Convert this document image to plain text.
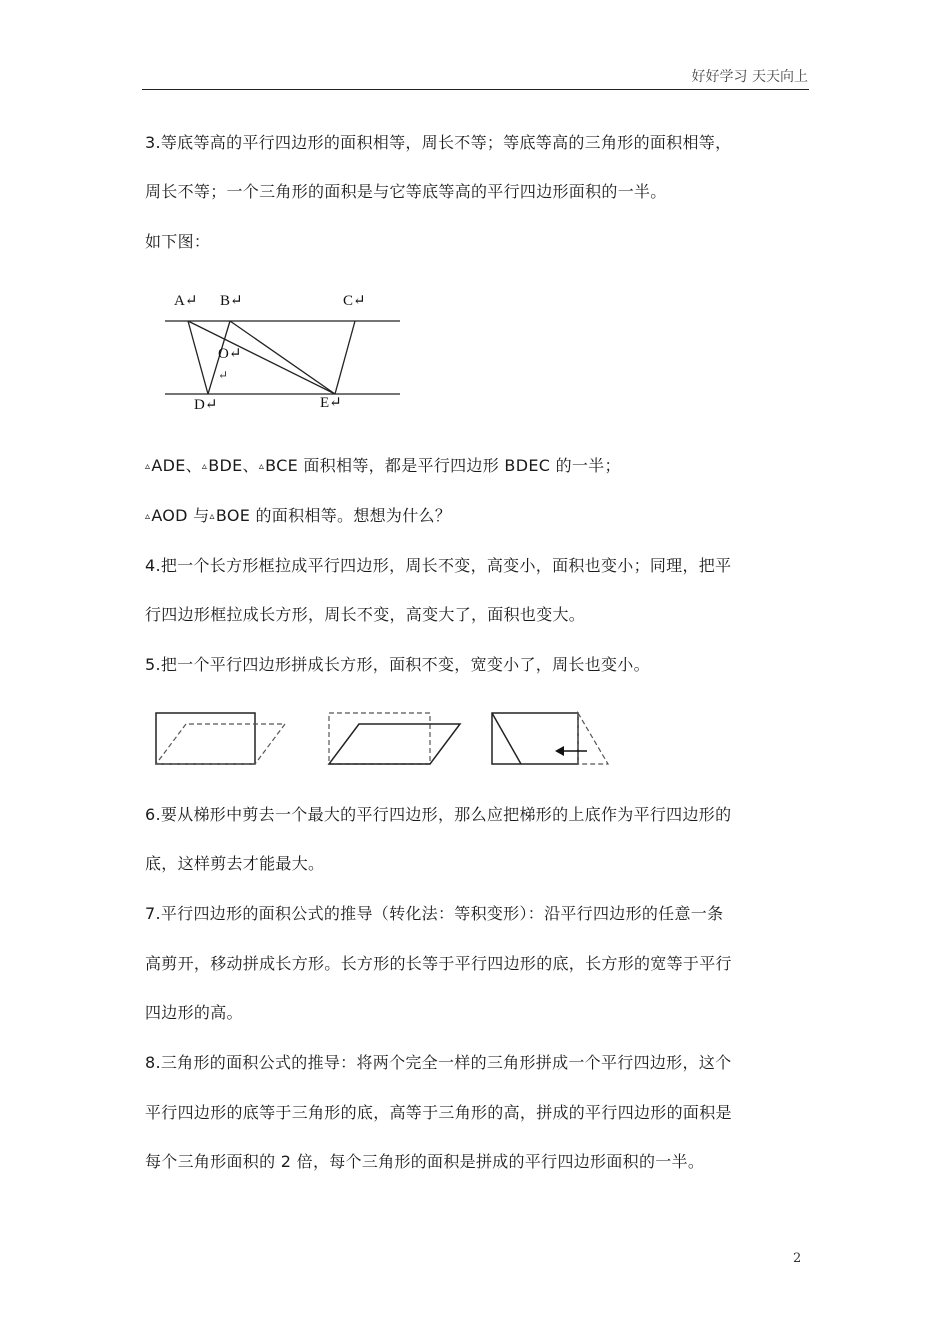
好好学习 天天向上
3.等底等高的平行四边形的面积相等，周长不等；等底等高的三角形的面积相等，
周长不等；一个三角形的面积是与它等底等高的平行四边形面积的一半。
如下图：
A↵ B↵	C↵
O↵
↵
D↵	E↵
▵ADE、▵BDE、▵BCE 面积相等，都是平行四边形 BDEC 的一半；
▵AOD 与▵BOE 的面积相等。想想为什么？
4.把一个长方形框拉成平行四边形，周长不变，高变小，面积也变小；同理，把平
行四边形框拉成长方形，周长不变，高变大了，面积也变大。
5.把一个平行四边形拼成长方形，面积不变，宽变小了，周长也变小。
6.要从梯形中剪去一个最大的平行四边形，那么应把梯形的上底作为平行四边形的
底，这样剪去才能最大。
7.平行四边形的面积公式的推导（转化法：等积变形）：沿平行四边形的任意一条
高剪开，移动拼成长方形。长方形的长等于平行四边形的底，长方形的宽等于平行
四边形的高。
8.三角形的面积公式的推导：将两个完全一样的三角形拼成一个平行四边形，这个
平行四边形的底等于三角形的底，高等于三角形的高，拼成的平行四边形的面积是
每个三角形面积的 2 倍，每个三角形的面积是拼成的平行四边形面积的一半。
2
